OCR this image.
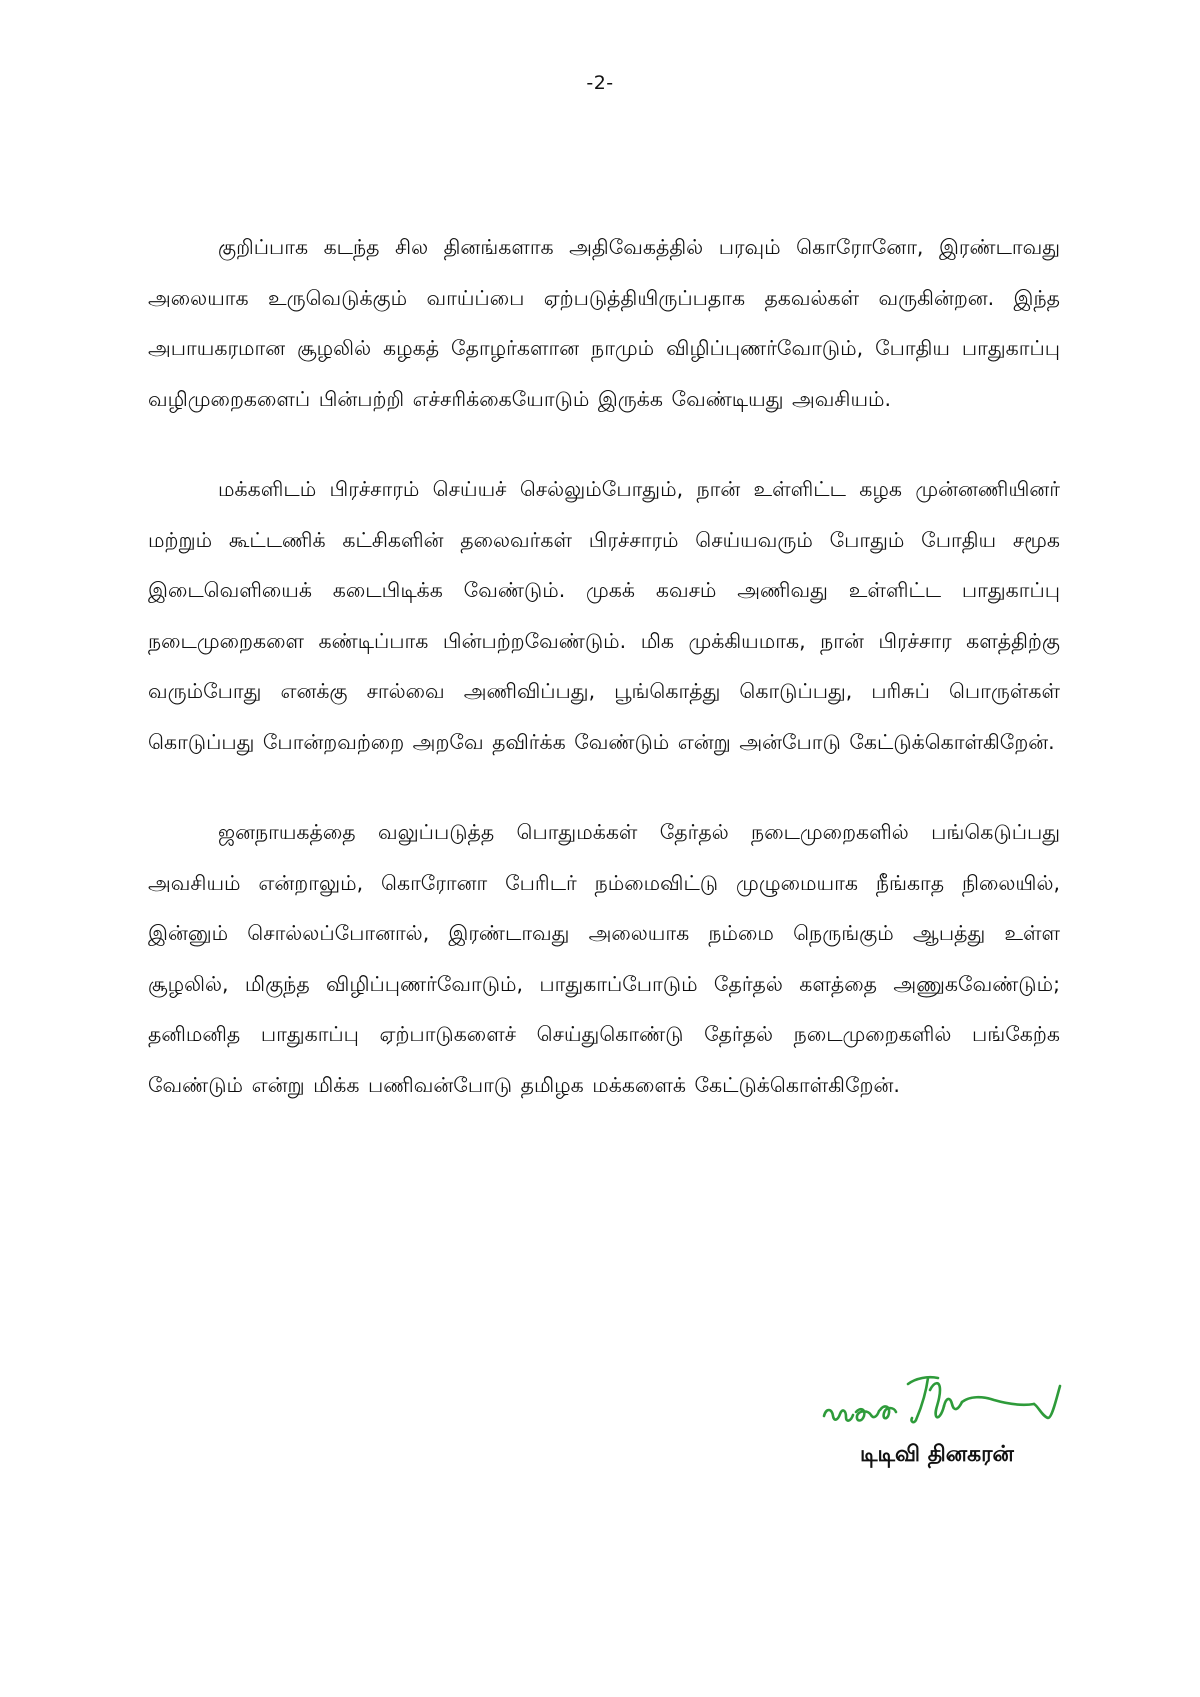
-2-

குறிப்பாக கடந்த சில தினங்களாக அதிவேகத்தில் பரவும் கொரோனோ, இரண்டாவது அலையாக உருவெடுக்கும் வாய்ப்பை ஏற்படுத்தியிருப்பதாக தகவல்கள் வருகின்றன. இந்த அபாயகரமான சூழலில் கழகத் தோழர்களான நாமும் விழிப்புணர்வோடும், போதிய பாதுகாப்பு வழிமுறைகளைப் பின்பற்றி எச்சரிக்கையோடும் இருக்க வேண்டியது அவசியம்.

மக்களிடம் பிரச்சாரம் செய்யச் செல்லும்போதும், நான் உள்ளிட்ட கழக முன்னணியினர் மற்றும் கூட்டணிக் கட்சிகளின் தலைவர்கள் பிரச்சாரம் செய்யவரும் போதும் போதிய சமூக இடைவெளியைக் கடைபிடிக்க வேண்டும். முகக் கவசம் அணிவது உள்ளிட்ட பாதுகாப்பு நடைமுறைகளை கண்டிப்பாக பின்பற்றவேண்டும். மிக முக்கியமாக, நான் பிரச்சார களத்திற்கு வரும்போது எனக்கு சால்வை அணிவிப்பது, பூங்கொத்து கொடுப்பது, பரிசுப் பொருள்கள் கொடுப்பது போன்றவற்றை அறவே தவிர்க்க வேண்டும் என்று அன்போடு கேட்டுக்கொள்கிறேன்.

ஜனநாயகத்தை வலுப்படுத்த பொதுமக்கள் தேர்தல் நடைமுறைகளில் பங்கெடுப்பது அவசியம் என்றாலும், கொரோனா பேரிடர் நம்மைவிட்டு முழுமையாக நீங்காத நிலையில், இன்னும் சொல்லப்போனால், இரண்டாவது அலையாக நம்மை நெருங்கும் ஆபத்து உள்ள சூழலில், மிகுந்த விழிப்புணர்வோடும், பாதுகாப்போடும் தேர்தல் களத்தை அணுகவேண்டும்; தனிமனித பாதுகாப்பு ஏற்பாடுகளைச் செய்துகொண்டு தேர்தல் நடைமுறைகளில் பங்கேற்க வேண்டும் என்று மிக்க பணிவன்போடு தமிழக மக்களைக் கேட்டுக்கொள்கிறேன்.

டிடிவி தினகரன்
